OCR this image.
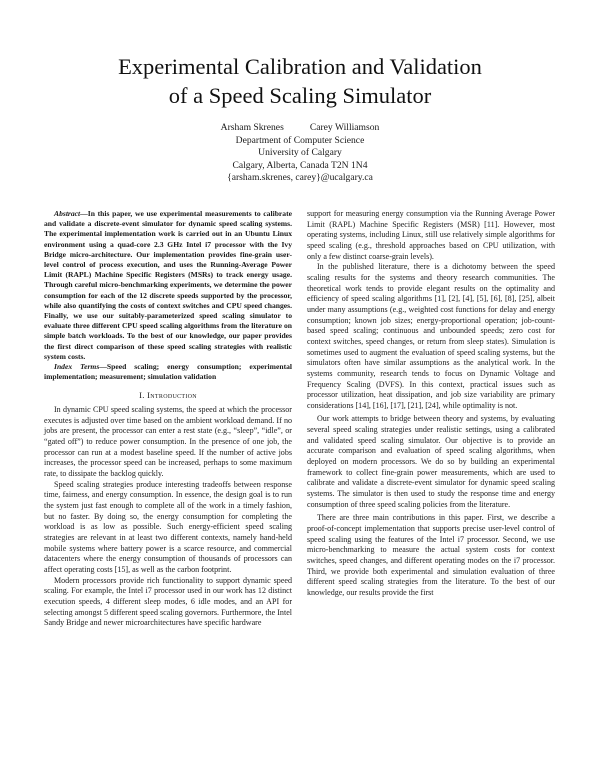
Experimental Calibration and Validation
of a Speed Scaling Simulator
Arsham Skrenes	Carey Williamson
Department of Computer Science
University of Calgary
Calgary, Alberta, Canada T2N 1N4
{arsham.skrenes, carey}@ucalgary.ca

Abstract—In this paper, we use experimental measurements to calibrate and validate a discrete-event simulator for dynamic speed scaling systems. The experimental implementation work is carried out in an Ubuntu Linux environment using a quad-core 2.3 GHz Intel i7 processor with the Ivy Bridge micro-architecture. Our implementation provides fine-grain user-level control of process execution, and uses the Running-Average Power Limit (RAPL) Machine Specific Registers (MSRs) to track energy usage. Through careful micro-benchmarking experiments, we determine the power consumption for each of the 12 discrete speeds supported by the processor, while also quantifying the costs of context switches and CPU speed changes. Finally, we use our suitably-parameterized speed scaling simulator to evaluate three different CPU speed scaling algorithms from the literature on simple batch workloads. To the best of our knowledge, our paper provides the first direct comparison of these speed scaling strategies with realistic system costs.

Index Terms—Speed scaling; energy consumption; experimental implementation; measurement; simulation validation

I. Introduction

In dynamic CPU speed scaling systems, the speed at which the processor executes is adjusted over time based on the ambient workload demand. If no jobs are present, the processor can enter a rest state (e.g., “sleep”, “idle”, or “gated off”) to reduce power consumption. In the presence of one job, the processor can run at a modest baseline speed. If the number of active jobs increases, the processor speed can be increased, perhaps to some maximum rate, to dissipate the backlog quickly.

Speed scaling strategies produce interesting tradeoffs between response time, fairness, and energy consumption. In essence, the design goal is to run the system just fast enough to complete all of the work in a timely fashion, but no faster. By doing so, the energy consumption for completing the workload is as low as possible. Such energy-efficient speed scaling strategies are relevant in at least two different contexts, namely hand-held mobile systems where battery power is a scarce resource, and commercial datacenters where the energy consumption of thousands of processors can affect operating costs [15], as well as the carbon footprint.

Modern processors provide rich functionality to support dynamic speed scaling. For example, the Intel i7 processor used in our work has 12 distinct execution speeds, 4 different sleep modes, 6 idle modes, and an API for selecting amongst 5 different speed scaling governors. Furthermore, the Intel Sandy Bridge and newer microarchitectures have specific hardware

support for measuring energy consumption via the Running Average Power Limit (RAPL) Machine Specific Registers (MSR) [11]. However, most operating systems, including Linux, still use relatively simple algorithms for speed scaling (e.g., threshold approaches based on CPU utilization, with only a few distinct coarse-grain levels).

In the published literature, there is a dichotomy between the speed scaling results for the systems and theory research communities. The theoretical work tends to provide elegant results on the optimality and efficiency of speed scaling algorithms [1], [2], [4], [5], [6], [8], [25], albeit under many assumptions (e.g., weighted cost functions for delay and energy consumption; known job sizes; energy-proportional operation; job-count-based speed scaling; continuous and unbounded speeds; zero cost for context switches, speed changes, or return from sleep states). Simulation is sometimes used to augment the evaluation of speed scaling systems, but the simulators often have similar assumptions as the analytical work. In the systems community, research tends to focus on Dynamic Voltage and Frequency Scaling (DVFS). In this context, practical issues such as processor utilization, heat dissipation, and job size variability are primary considerations [14], [16], [17], [21], [24], while optimality is not.

Our work attempts to bridge between theory and systems, by evaluating several speed scaling strategies under realistic settings, using a calibrated and validated speed scaling simulator. Our objective is to provide an accurate comparison and evaluation of speed scaling algorithms, when deployed on modern processors. We do so by building an experimental framework to collect fine-grain power measurements, which are used to calibrate and validate a discrete-event simulator for dynamic speed scaling systems. The simulator is then used to study the response time and energy consumption of three speed scaling policies from the literature.

There are three main contributions in this paper. First, we describe a proof-of-concept implementation that supports precise user-level control of speed scaling using the features of the Intel i7 processor. Second, we use micro-benchmarking to measure the actual system costs for context switches, speed changes, and different operating modes on the i7 processor. Third, we provide both experimental and simulation evaluation of three different speed scaling strategies from the literature. To the best of our knowledge, our results provide the first
